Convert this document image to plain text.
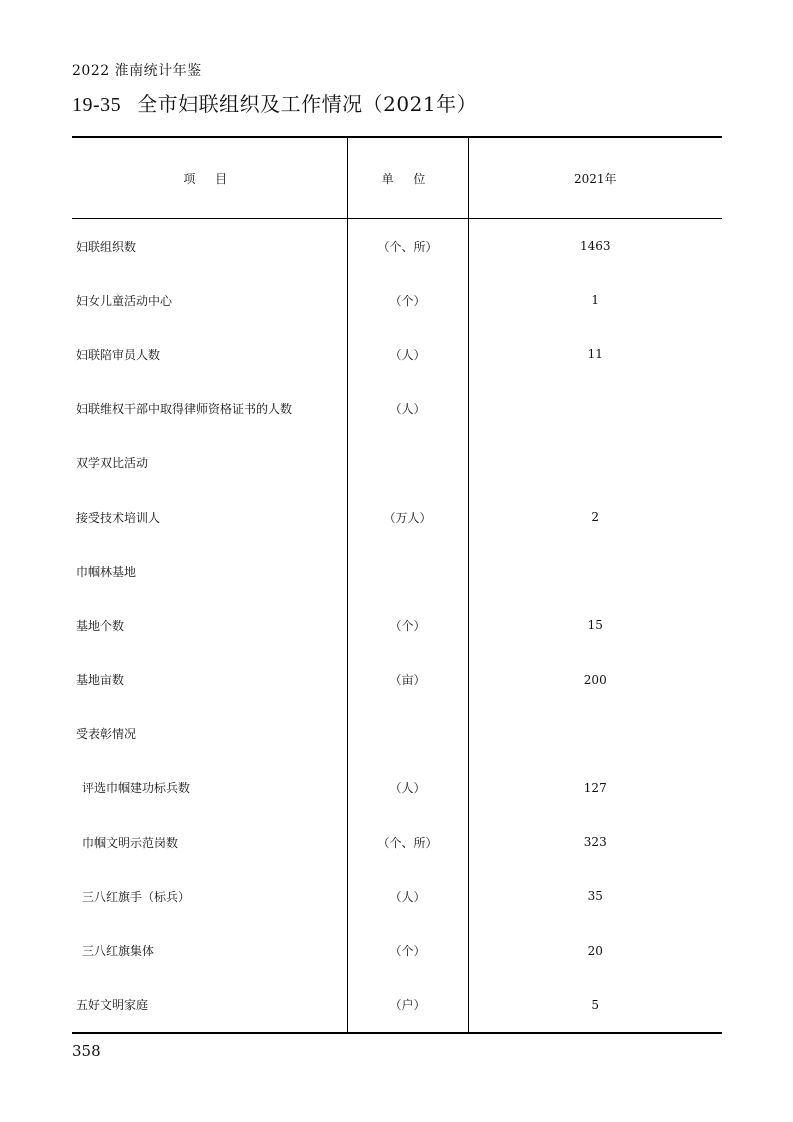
2022 淮南统计年鉴
19-35 全市妇联组织及工作情况（2021年）
项 目	单 位	2021年
妇联组织数	（个、所）	1463
妇女儿童活动中心	（个）	1
妇联陪审员人数	（人）	11
妇联维权干部中取得律师资格证书的人数	（人）	
双学双比活动		
接受技术培训人	（万人）	2
巾帼林基地		
基地个数	（个）	15
基地亩数	（亩）	200
受表彰情况		
评选巾帼建功标兵数	（人）	127
巾帼文明示范岗数	（个、所）	323
三八红旗手（标兵）	（人）	35
三八红旗集体	（个）	20
五好文明家庭	（户）	5
358
